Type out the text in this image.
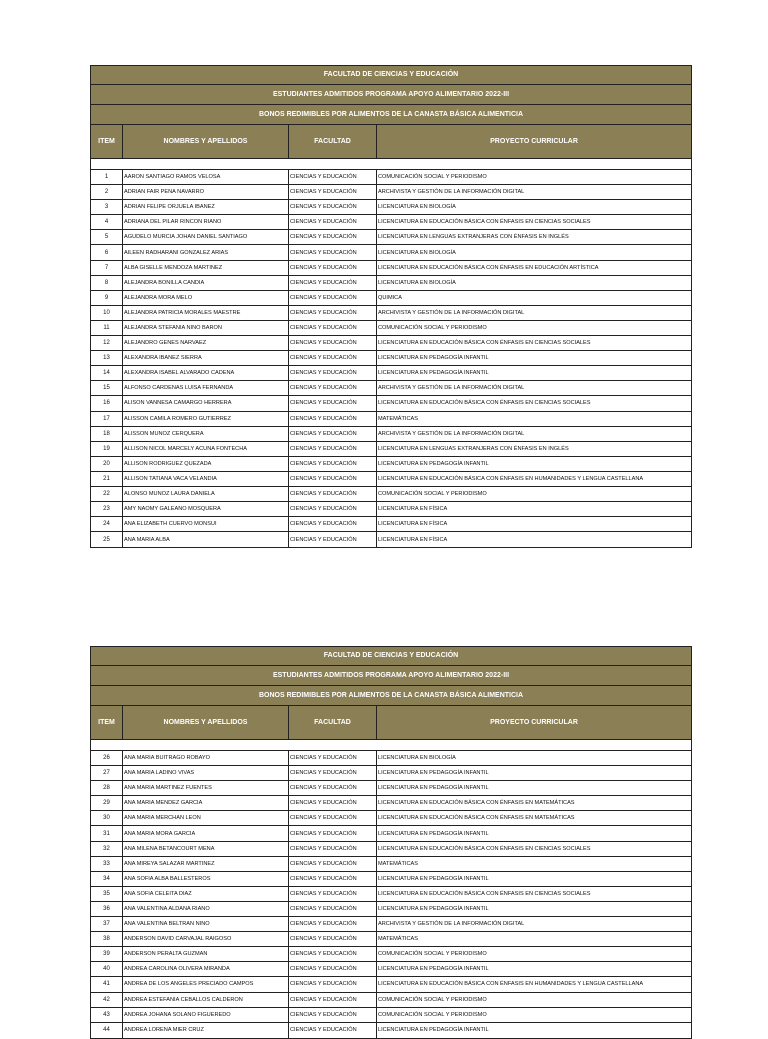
FACULTAD DE CIENCIAS Y EDUCACIÓN
ESTUDIANTES ADMITIDOS PROGRAMA APOYO ALIMENTARIO 2022-III
BONOS REDIMIBLES POR ALIMENTOS DE LA CANASTA BÁSICA ALIMENTICIA
ITEM	NOMBRES Y APELLIDOS	FACULTAD	PROYECTO CURRICULAR
1	AARON SANTIAGO RAMOS VELOSA	CIENCIAS Y EDUCACIÓN	COMUNICACIÓN SOCIAL Y PERIODISMO
2	ADRIAN FAIR PENA NAVARRO	CIENCIAS Y EDUCACIÓN	ARCHIVISTA Y GESTIÓN DE LA INFORMACIÓN DIGITAL
3	ADRIAN FELIPE ORJUELA IBANEZ	CIENCIAS Y EDUCACIÓN	LICENCIATURA EN BIOLOGÍA
4	ADRIANA DEL PILAR RINCON RIANO	CIENCIAS Y EDUCACIÓN	LICENCIATURA EN EDUCACIÓN BÁSICA CON ÉNFASIS EN CIENCIAS SOCIALES
5	AGUDELO MURCIA JOHAN DANIEL SANTIAGO	CIENCIAS Y EDUCACIÓN	LICENCIATURA EN LENGUAS EXTRANJERAS CON ÉNFASIS EN INGLÉS
6	AILEEN RADHARANI GONZALEZ ARIAS	CIENCIAS Y EDUCACIÓN	LICENCIATURA EN BIOLOGÍA
7	ALBA GISELLE MENDOZA MARTINEZ	CIENCIAS Y EDUCACIÓN	LICENCIATURA EN EDUCACIÓN BÁSICA CON ÉNFASIS EN EDUCACIÓN ARTÍSTICA
8	ALEJANDRA BONILLA CANDIA	CIENCIAS Y EDUCACIÓN	LICENCIATURA EN BIOLOGÍA
9	ALEJANDRA MORA MELO	CIENCIAS Y EDUCACIÓN	QUIMICA
10	ALEJANDRA PATRICIA MORALES MAESTRE	CIENCIAS Y EDUCACIÓN	ARCHIVISTA Y GESTIÓN DE LA INFORMACIÓN DIGITAL
11	ALEJANDRA STEFANIA NINO BARON	CIENCIAS Y EDUCACIÓN	COMUNICACIÓN SOCIAL Y PERIODISMO
12	ALEJANDRO GENES NARVAEZ	CIENCIAS Y EDUCACIÓN	LICENCIATURA EN EDUCACIÓN BÁSICA CON ÉNFASIS EN CIENCIAS SOCIALES
13	ALEXANDRA IBANEZ SIERRA	CIENCIAS Y EDUCACIÓN	LICENCIATURA EN PEDAGOGÍA INFANTIL
14	ALEXANDRA ISABEL ALVARADO CADENA	CIENCIAS Y EDUCACIÓN	LICENCIATURA EN PEDAGOGÍA INFANTIL
15	ALFONSO CARDENAS LUISA FERNANDA	CIENCIAS Y EDUCACIÓN	ARCHIVISTA Y GESTIÓN DE LA INFORMACIÓN DIGITAL
16	ALISON VANNESA CAMARGO HERRERA	CIENCIAS Y EDUCACIÓN	LICENCIATURA EN EDUCACIÓN BÁSICA CON ÉNFASIS EN CIENCIAS SOCIALES
17	ALISSON CAMILA ROMERO GUTIERREZ	CIENCIAS Y EDUCACIÓN	MATEMÁTICAS
18	ALISSON MUNOZ CERQUERA	CIENCIAS Y EDUCACIÓN	ARCHIVISTA Y GESTIÓN DE LA INFORMACIÓN DIGITAL
19	ALLISON NICOL MARCELY ACUNA FONTECHA	CIENCIAS Y EDUCACIÓN	LICENCIATURA EN LENGUAS EXTRANJERAS CON ÉNFASIS EN INGLÉS
20	ALLISON RODRIGUEZ QUEZADA	CIENCIAS Y EDUCACIÓN	LICENCIATURA EN PEDAGOGÍA INFANTIL
21	ALLISON TATIANA VACA VELANDIA	CIENCIAS Y EDUCACIÓN	LICENCIATURA EN EDUCACIÓN BÁSICA CON ÉNFASIS EN HUMANIDADES Y LENGUA CASTELLANA
22	ALONSO MUNOZ LAURA DANIELA	CIENCIAS Y EDUCACIÓN	COMUNICACIÓN SOCIAL Y PERIODISMO
23	AMY NAOMY GALEANO MOSQUERA	CIENCIAS Y EDUCACIÓN	LICENCIATURA EN FÍSICA
24	ANA ELIZABETH CUERVO MONSUI	CIENCIAS Y EDUCACIÓN	LICENCIATURA EN FÍSICA
25	ANA MARIA ALBA	CIENCIAS Y EDUCACIÓN	LICENCIATURA EN FÍSICA
FACULTAD DE CIENCIAS Y EDUCACIÓN
ESTUDIANTES ADMITIDOS PROGRAMA APOYO ALIMENTARIO 2022-III
BONOS REDIMIBLES POR ALIMENTOS DE LA CANASTA BÁSICA ALIMENTICIA
ITEM	NOMBRES Y APELLIDOS	FACULTAD	PROYECTO CURRICULAR
26	ANA MARIA BUITRAGO ROBAYO	CIENCIAS Y EDUCACIÓN	LICENCIATURA EN BIOLOGÍA
27	ANA MARIA LADINO VIVAS	CIENCIAS Y EDUCACIÓN	LICENCIATURA EN PEDAGOGÍA INFANTIL
28	ANA MARIA MARTINEZ FUENTES	CIENCIAS Y EDUCACIÓN	LICENCIATURA EN PEDAGOGÍA INFANTIL
29	ANA MARIA MENDEZ GARCIA	CIENCIAS Y EDUCACIÓN	LICENCIATURA EN EDUCACIÓN BÁSICA CON ÉNFASIS EN MATEMÁTICAS
30	ANA MARIA MERCHAN LEON	CIENCIAS Y EDUCACIÓN	LICENCIATURA EN EDUCACIÓN BÁSICA CON ÉNFASIS EN MATEMÁTICAS
31	ANA MARIA MORA GARCIA	CIENCIAS Y EDUCACIÓN	LICENCIATURA EN PEDAGOGÍA INFANTIL
32	ANA MILENA BETANCOURT MENA	CIENCIAS Y EDUCACIÓN	LICENCIATURA EN EDUCACIÓN BÁSICA CON ÉNFASIS EN CIENCIAS SOCIALES
33	ANA MIREYA SALAZAR MARTINEZ	CIENCIAS Y EDUCACIÓN	MATEMÁTICAS
34	ANA SOFIA ALBA BALLESTEROS	CIENCIAS Y EDUCACIÓN	LICENCIATURA EN PEDAGOGÍA INFANTIL
35	ANA SOFIA CELEITA DIAZ	CIENCIAS Y EDUCACIÓN	LICENCIATURA EN EDUCACIÓN BÁSICA CON ÉNFASIS EN CIENCIAS SOCIALES
36	ANA VALENTINA ALDANA RIANO	CIENCIAS Y EDUCACIÓN	LICENCIATURA EN PEDAGOGÍA INFANTIL
37	ANA VALENTINA BELTRAN NINO	CIENCIAS Y EDUCACIÓN	ARCHIVISTA Y GESTIÓN DE LA INFORMACIÓN DIGITAL
38	ANDERSON DAVID CARVAJAL RAIGOSO	CIENCIAS Y EDUCACIÓN	MATEMÁTICAS
39	ANDERSON PERALTA GUZMAN	CIENCIAS Y EDUCACIÓN	COMUNICACIÓN SOCIAL Y PERIODISMO
40	ANDREA CAROLINA OLIVERA MIRANDA	CIENCIAS Y EDUCACIÓN	LICENCIATURA EN PEDAGOGÍA INFANTIL
41	ANDREA DE LOS ANGELES PRECIADO CAMPOS	CIENCIAS Y EDUCACIÓN	LICENCIATURA EN EDUCACIÓN BÁSICA CON ÉNFASIS EN HUMANIDADES Y LENGUA CASTELLANA
42	ANDREA ESTEFANIA CEBALLOS CALDERON	CIENCIAS Y EDUCACIÓN	COMUNICACIÓN SOCIAL Y PERIODISMO
43	ANDREA JOHANA SOLANO FIGUEREDO	CIENCIAS Y EDUCACIÓN	COMUNICACIÓN SOCIAL Y PERIODISMO
44	ANDREA LORENA MIER CRUZ	CIENCIAS Y EDUCACIÓN	LICENCIATURA EN PEDAGOGÍA INFANTIL
